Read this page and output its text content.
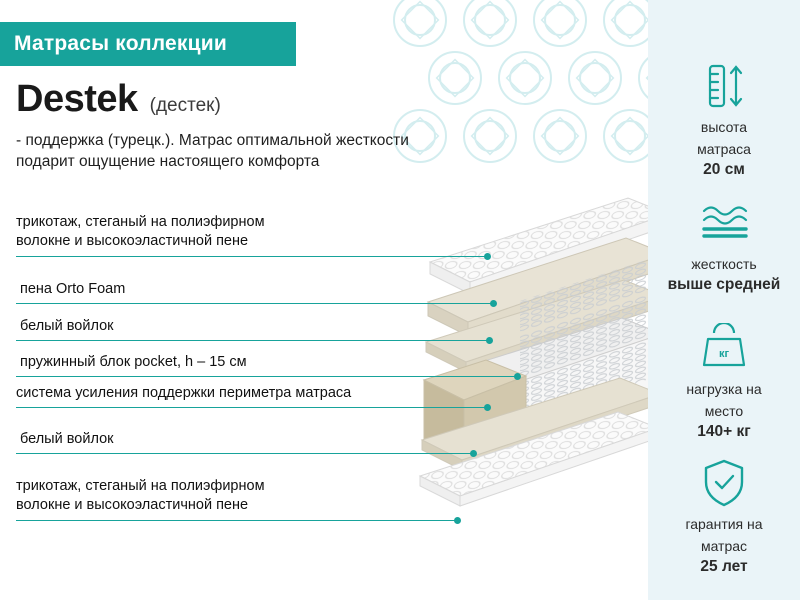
Матрасы коллекции
Destek (дестек)
- поддержка (турецк.). Матрас оптимальной жесткости
подарит ощущение настоящего комфорта
трикотаж, стеганый на полиэфирном
волокне и высокоэластичной пене
пена Orto Foam
белый войлок
пружинный блок pocket, h – 15 см
система усиления поддержки периметра матраса
белый войлок
трикотаж, стеганый на полиэфирном
волокне и высокоэластичной пене
высота
матраса
20 см
жесткость
выше средней
кг
нагрузка на
место
140+ кг
гарантия на
матрас
25 лет
